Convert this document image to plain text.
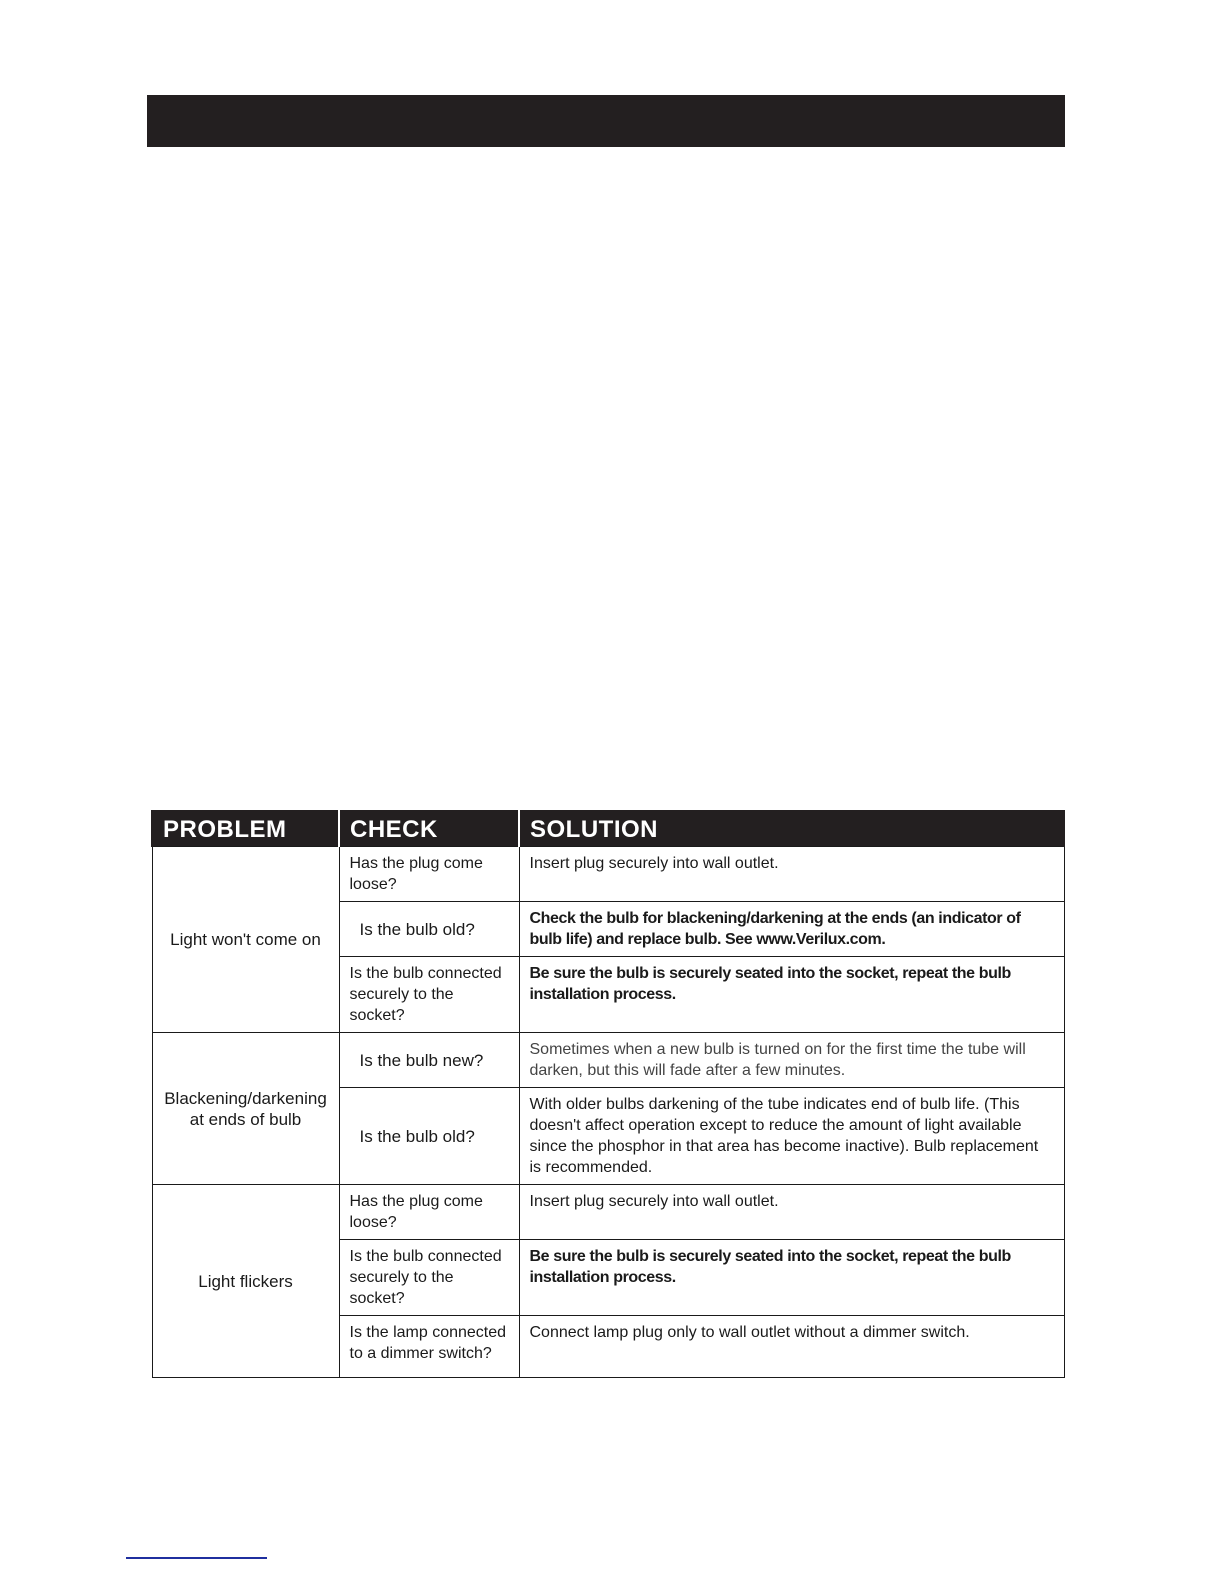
PROBLEM	CHECK	SOLUTION
Light won't come on	Has the plug come loose?	Insert plug securely into wall outlet.
	Is the bulb old?	Check the bulb for blackening/darkening at the ends (an indicator of bulb life) and replace bulb. See www.Verilux.com.
	Is the bulb connected securely to the socket?	Be sure the bulb is securely seated into the socket, repeat the bulb installation process.
Blackening/darkening at ends of bulb	Is the bulb new?	Sometimes when a new bulb is turned on for the first time the tube will darken, but this will fade after a few minutes.
	Is the bulb old?	With older bulbs darkening of the tube indicates end of bulb life. (This doesn't affect operation except to reduce the amount of light available since the phosphor in that area has become inactive). Bulb replacement is recommended.
Light flickers	Has the plug come loose?	Insert plug securely into wall outlet.
	Is the bulb connected securely to the socket?	Be sure the bulb is securely seated into the socket, repeat the bulb installation process.
	Is the lamp connected to a dimmer switch?	Connect lamp plug only to wall outlet without a dimmer switch.
